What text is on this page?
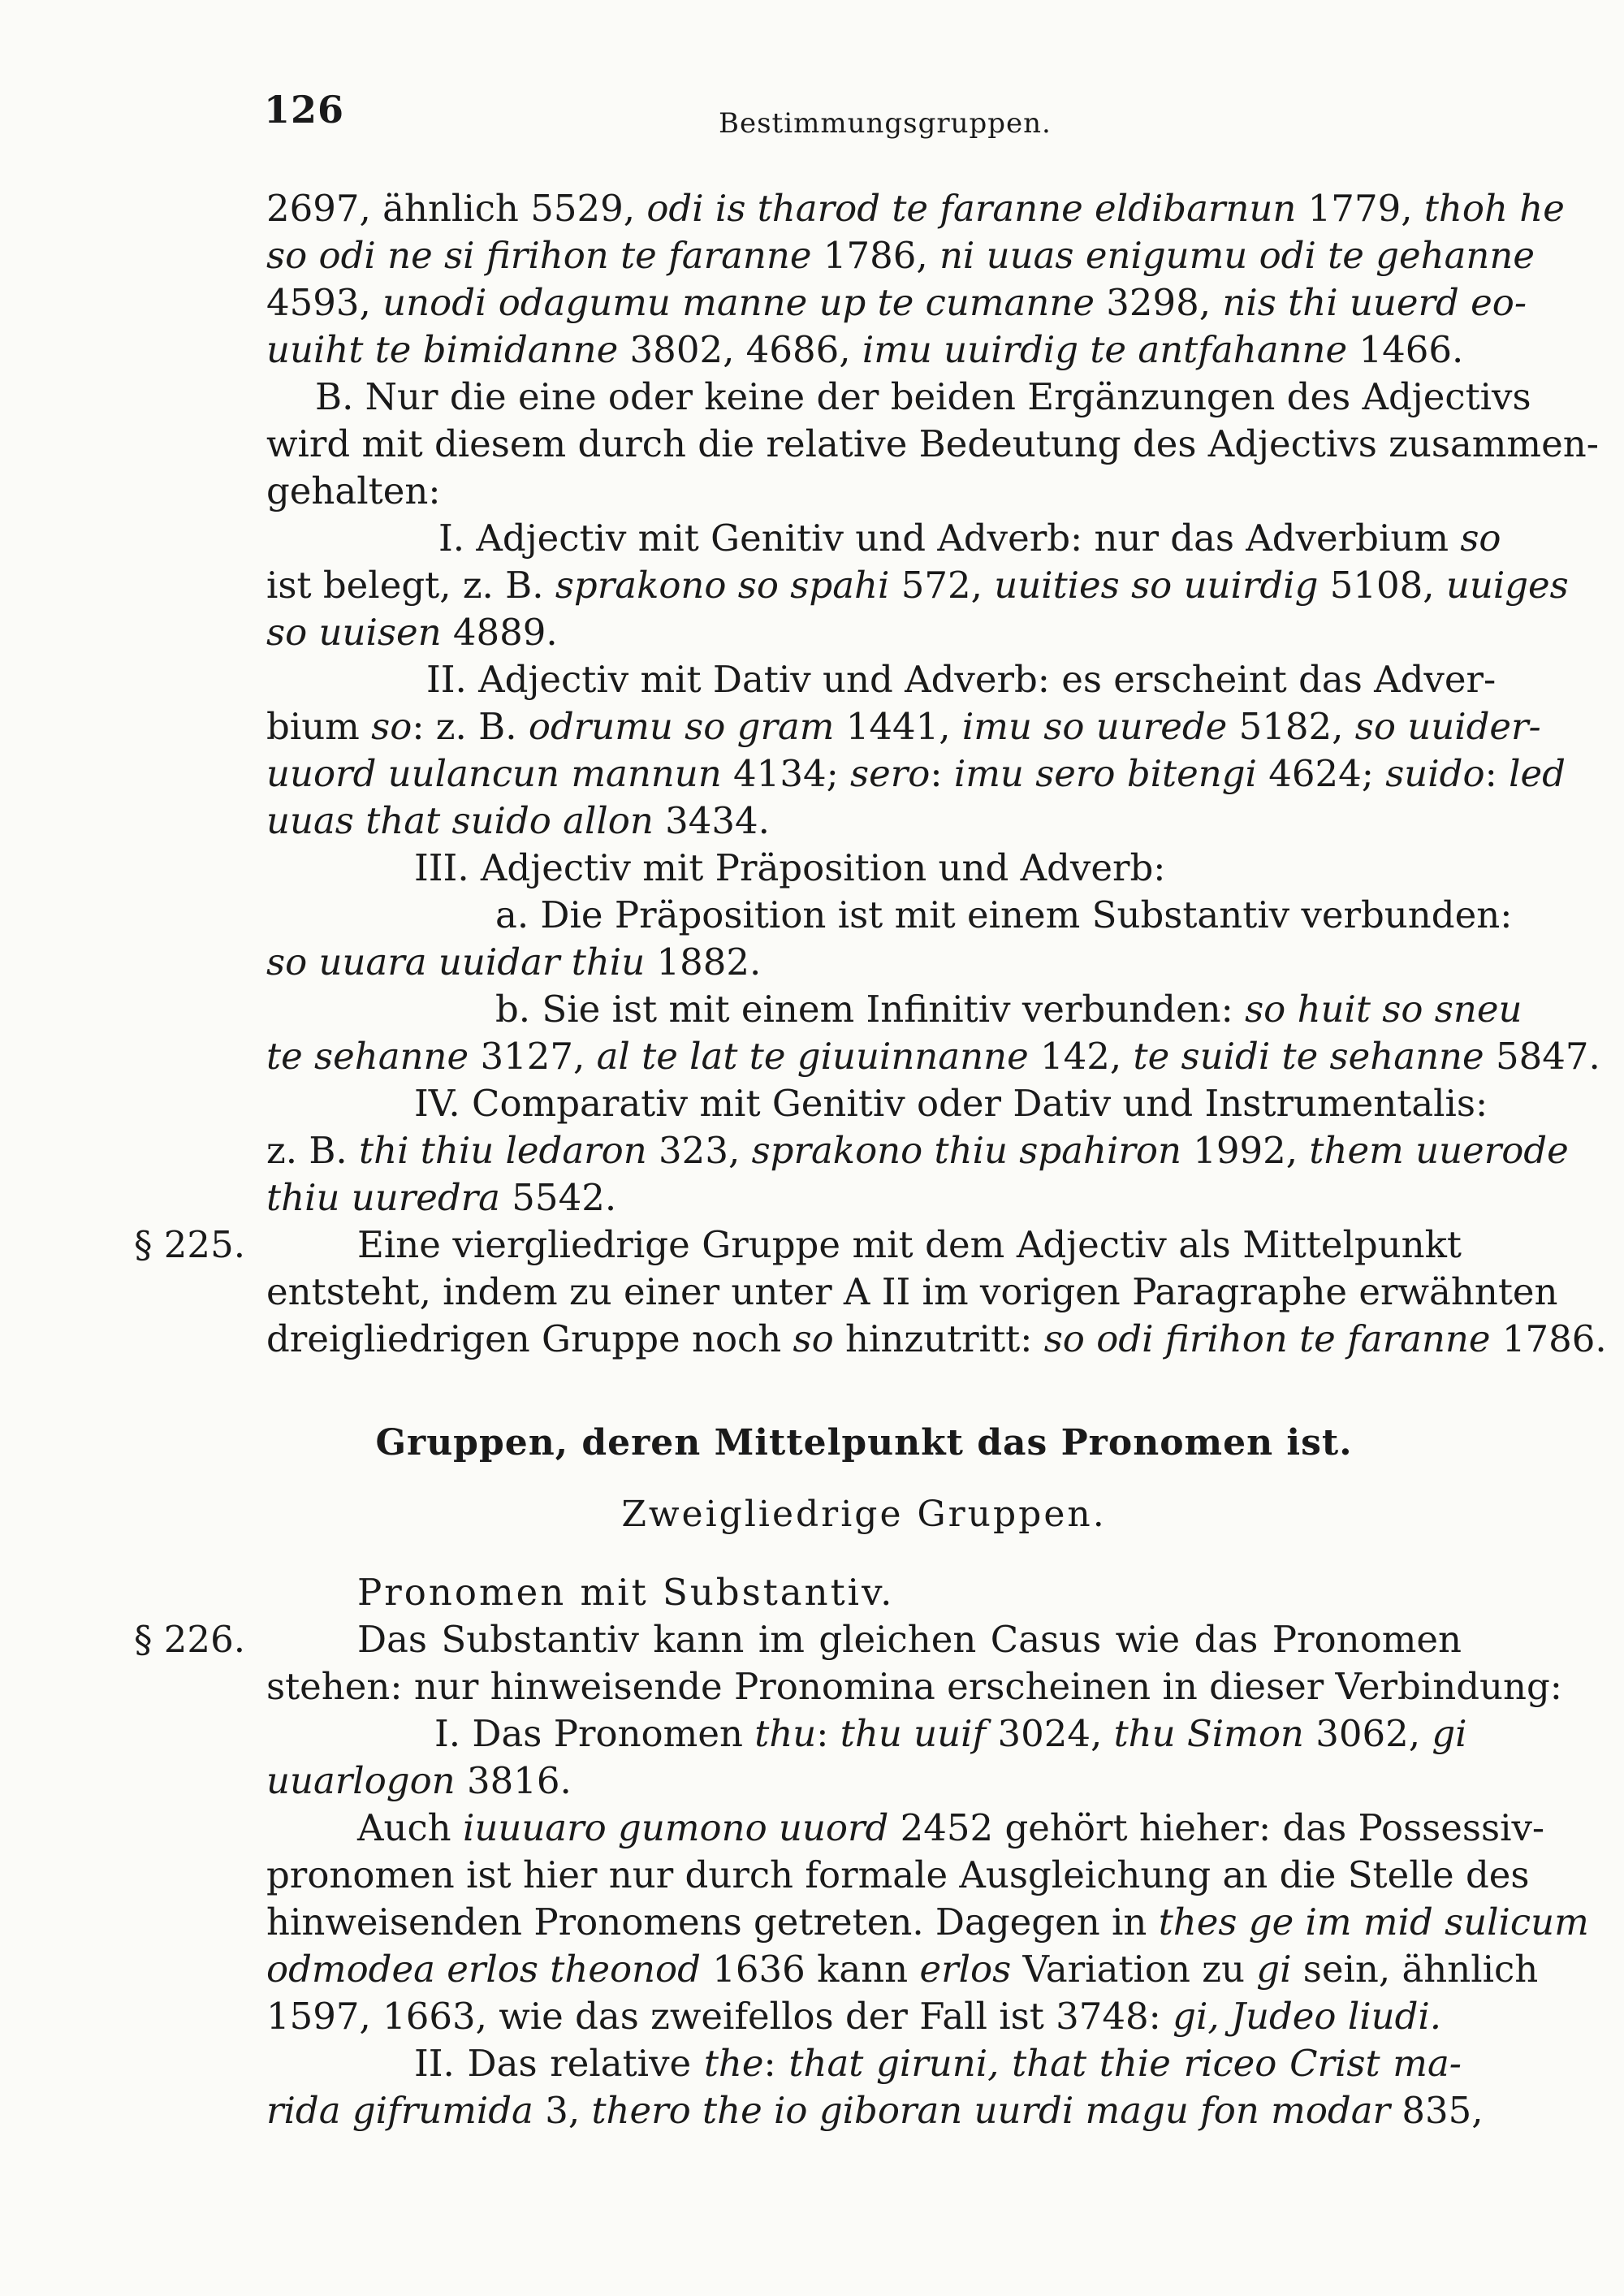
126	Bestimmungsgruppen.
2697, ähnlich 5529, odi is tharod te faranne eldibarnun 1779, thoh he
so odi ne si firihon te faranne 1786, ni uuas enigumu odi te gehanne
4593, unodi odagumu manne up te cumanne 3298, nis thi uuerd eo-
uuiht te bimidanne 3802, 4686, imu uuirdig te antfahanne 1466.
B. Nur die eine oder keine der beiden Ergänzungen des Adjectivs
wird mit diesem durch die relative Bedeutung des Adjectivs zusammen-
gehalten:
I. Adjectiv mit Genitiv und Adverb: nur das Adverbium so
ist belegt, z. B. sprakono so spahi 572, uuities so uuirdig 5108, uuiges
so uuisen 4889.
II. Adjectiv mit Dativ und Adverb: es erscheint das Adver-
bium so: z. B. odrumu so gram 1441, imu so uurede 5182, so uuider-
uuord uulancun mannun 4134; sero: imu sero bitengi 4624; suido: led
uuas that suido allon 3434.
III. Adjectiv mit Präposition und Adverb:
a. Die Präposition ist mit einem Substantiv verbunden:
so uuara uuidar thiu 1882.
b. Sie ist mit einem Infinitiv verbunden: so huit so sneu
te sehanne 3127, al te lat te giuuinnanne 142, te suidi te sehanne 5847.
IV. Comparativ mit Genitiv oder Dativ und Instrumentalis:
z. B. thi thiu ledaron 323, sprakono thiu spahiron 1992, them uuerode
thiu uuredra 5542.
§ 225.	Eine viergliedrige Gruppe mit dem Adjectiv als Mittelpunkt
entsteht, indem zu einer unter A II im vorigen Paragraphe erwähnten
dreigliedrigen Gruppe noch so hinzutritt: so odi firihon te faranne 1786.
Gruppen, deren Mittelpunkt das Pronomen ist.
Zweigliedrige Gruppen.
Pronomen mit Substantiv.
§ 226.	Das Substantiv kann im gleichen Casus wie das Pronomen
stehen: nur hinweisende Pronomina erscheinen in dieser Verbindung:
I. Das Pronomen thu: thu uuif 3024, thu Simon 3062, gi
uuarlogon 3816.
Auch iuuuaro gumono uuord 2452 gehört hieher: das Possessiv-
pronomen ist hier nur durch formale Ausgleichung an die Stelle des
hinweisenden Pronomens getreten. Dagegen in thes ge im mid sulicum
odmodea erlos theonod 1636 kann erlos Variation zu gi sein, ähnlich
1597, 1663, wie das zweifellos der Fall ist 3748: gi, Judeo liudi.
II. Das relative the: that giruni, that thie riceo Crist ma-
rida gifrumida 3, thero the io giboran uurdi magu fon modar 835,
